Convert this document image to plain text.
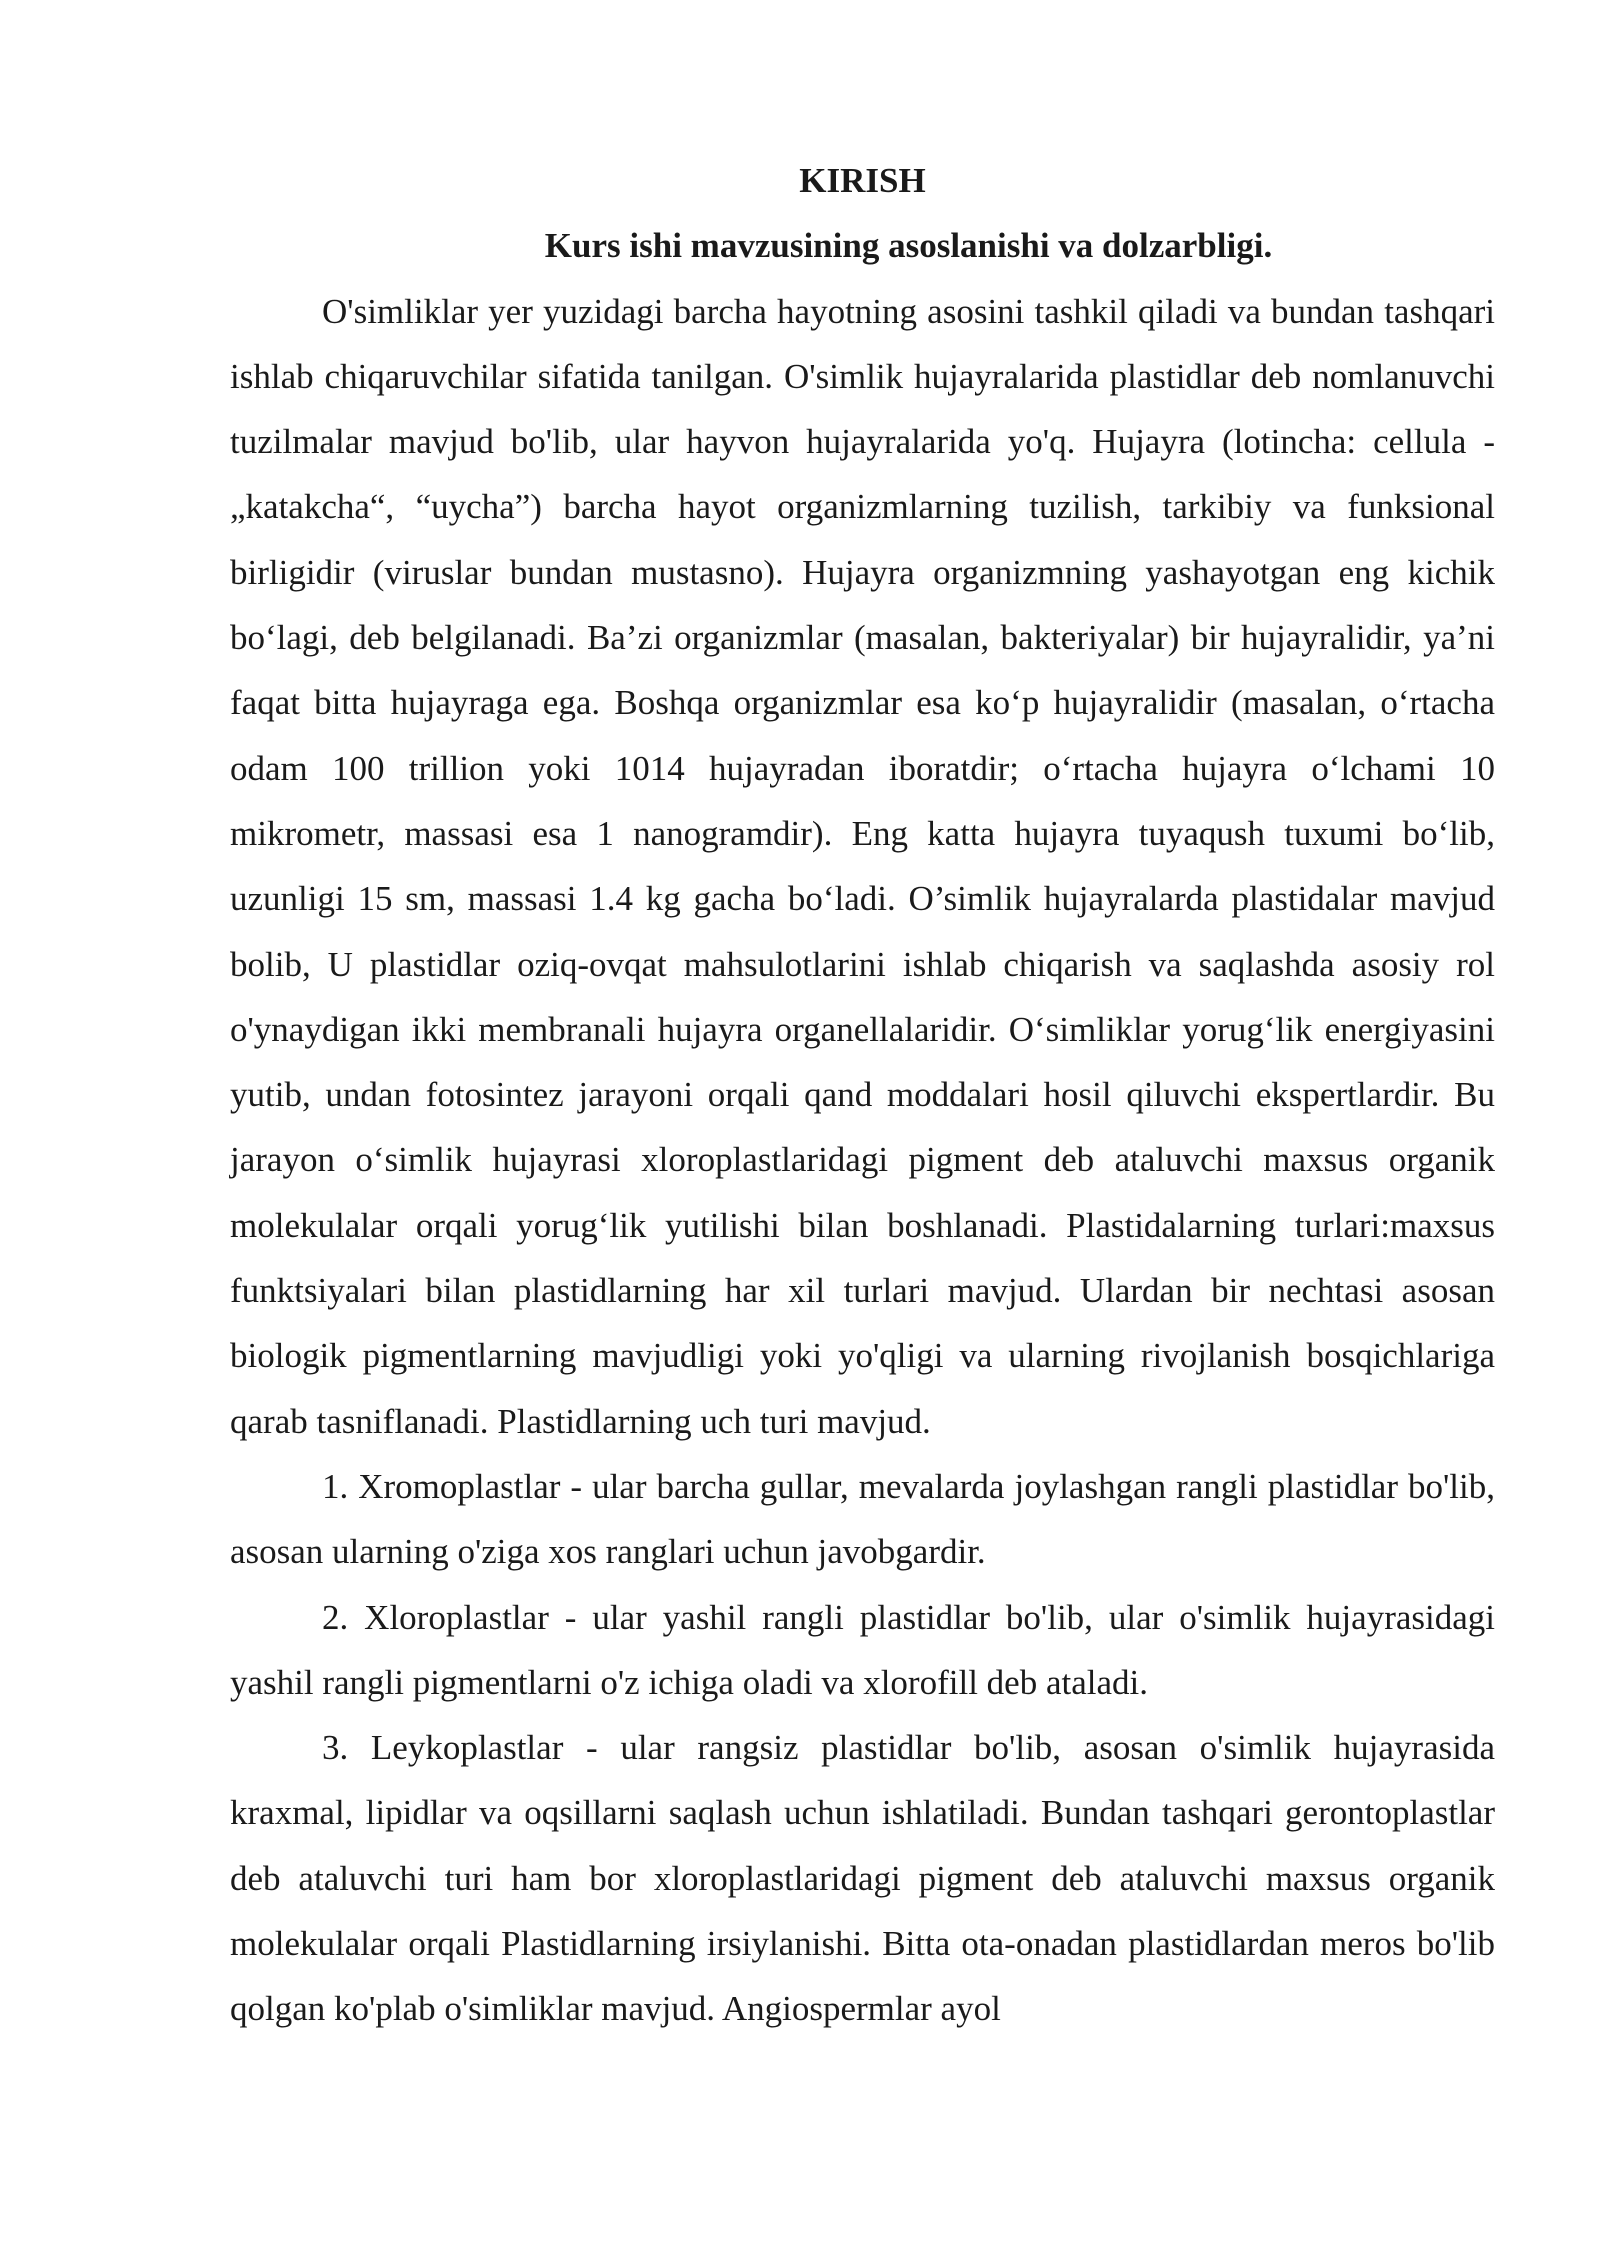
KIRISH
Kurs ishi mavzusining asoslanishi va dolzarbligi.

O'simliklar yer yuzidagi barcha hayotning asosini tashkil qiladi va bundan tashqari ishlab chiqaruvchilar sifatida tanilgan. O'simlik hujayralarida plastidlar deb nomlanuvchi tuzilmalar mavjud bo'lib, ular hayvon hujayralarida yo'q. Hujayra (lotincha: cellula - „katakcha“, “uycha”) barcha hayot organizmlarning tuzilish, tarkibiy va funksional birligidir (viruslar bundan mustasno). Hujayra organizmning yashayotgan eng kichik bo‘lagi, deb belgilanadi. Ba’zi organizmlar (masalan, bakteriyalar) bir hujayralidir, ya’ni faqat bitta hujayraga ega. Boshqa organizmlar esa ko‘p hujayralidir (masalan, o‘rtacha odam 100 trillion yoki 1014 hujayradan iboratdir; o‘rtacha hujayra o‘lchami 10 mikrometr, massasi esa 1 nanogramdir). Eng katta hujayra tuyaqush tuxumi bo‘lib, uzunligi 15 sm, massasi 1.4 kg gacha bo‘ladi. O’simlik hujayralarda plastidalar mavjud bolib, U plastidlar oziq-ovqat mahsulotlarini ishlab chiqarish va saqlashda asosiy rol o'ynaydigan ikki membranali hujayra organellalaridir. O‘simliklar yorug‘lik energiyasini yutib, undan fotosintez jarayoni orqali qand moddalari hosil qiluvchi ekspertlardir. Bu jarayon o‘simlik hujayrasi xloroplastlaridagi pigment deb ataluvchi maxsus organik molekulalar orqali yorug‘lik yutilishi bilan boshlanadi. Plastidalarning turlari:maxsus funktsiyalari bilan plastidlarning har xil turlari mavjud. Ulardan bir nechtasi asosan biologik pigmentlarning mavjudligi yoki yo'qligi va ularning rivojlanish bosqichlariga qarab tasniflanadi. Plastidlarning uch turi mavjud.

1. Xromoplastlar - ular barcha gullar, mevalarda joylashgan rangli plastidlar bo'lib, asosan ularning o'ziga xos ranglari uchun javobgardir.

2. Xloroplastlar - ular yashil rangli plastidlar bo'lib, ular o'simlik hujayrasidagi yashil rangli pigmentlarni o'z ichiga oladi va xlorofill deb ataladi.

3. Leykoplastlar - ular rangsiz plastidlar bo'lib, asosan o'simlik hujayrasida kraxmal, lipidlar va oqsillarni saqlash uchun ishlatiladi. Bundan tashqari gerontoplastlar deb ataluvchi turi ham bor xloroplastlaridagi pigment deb ataluvchi maxsus organik molekulalar orqali Plastidlarning irsiylanishi. Bitta ota-onadan plastidlardan meros bo'lib qolgan ko'plab o'simliklar mavjud. Angiospermlar ayol
